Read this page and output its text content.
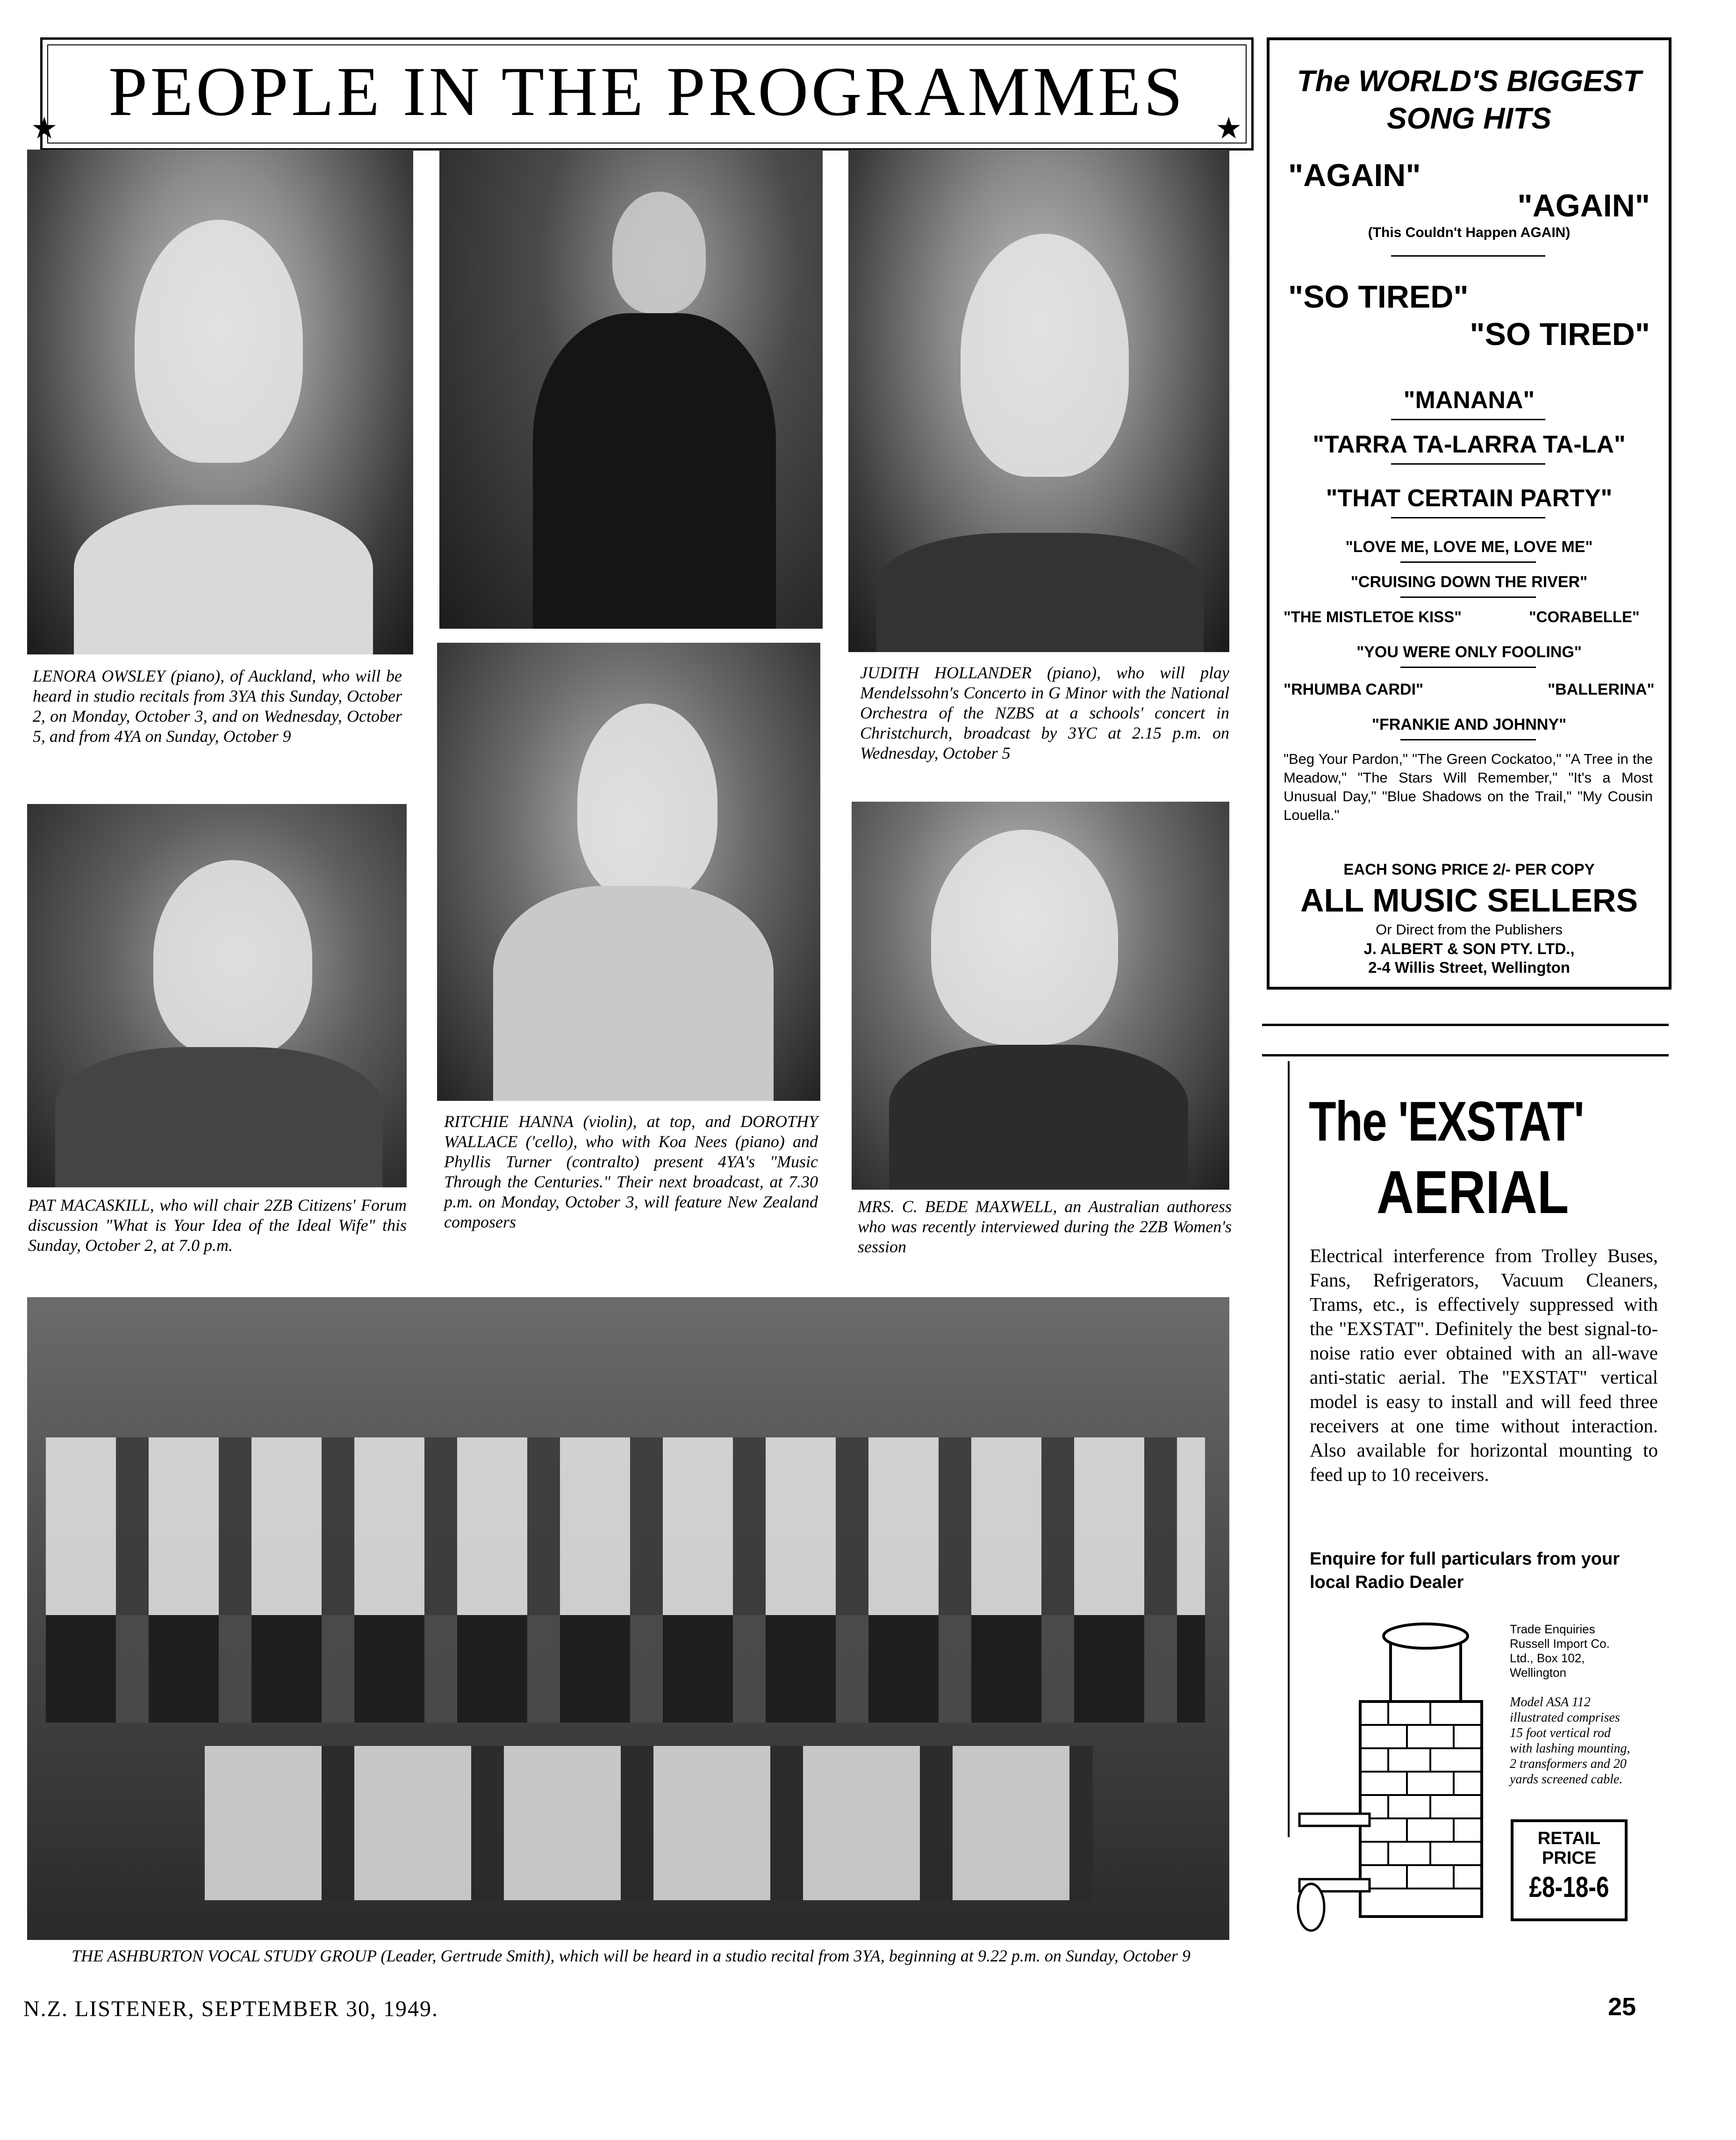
PEOPLE IN THE PROGRAMMES
★	★
LENORA OWSLEY (piano), of Auckland, who will be heard in studio recitals from 3YA this Sunday, October 2, on Monday, October 3, and on Wednesday, October 5, and from 4YA on Sunday, October 9
JUDITH HOLLANDER (piano), who will play Mendelssohn's Concerto in G Minor with the National Orchestra of the NZBS at a schools' concert in Christchurch, broadcast by 3YC at 2.15 p.m. on Wednesday, October 5
PAT MACASKILL, who will chair 2ZB Citizens' Forum discussion "What is Your Idea of the Ideal Wife" this Sunday, October 2, at 7.0 p.m.
RITCHIE HANNA (violin), at top, and DOROTHY WALLACE ('cello), who with Koa Nees (piano) and Phyllis Turner (contralto) present 4YA's "Music Through the Centuries." Their next broadcast, at 7.30 p.m. on Monday, October 3, will feature New Zealand composers
MRS. C. BEDE MAXWELL, an Australian authoress who was recently interviewed during the 2ZB Women's session
THE ASHBURTON VOCAL STUDY GROUP (Leader, Gertrude Smith), which will be heard in a studio recital from 3YA, beginning at 9.22 p.m. on Sunday, October 9
N.Z. LISTENER, SEPTEMBER 30, 1949.	25
The WORLD'S BIGGEST
SONG HITS
"AGAIN"
"AGAIN"
(This Couldn't Happen AGAIN)
"SO TIRED"
"SO TIRED"
"MANANA"
"TARRA TA-LARRA TA-LA"
"THAT CERTAIN PARTY"
"LOVE ME, LOVE ME, LOVE ME"
"CRUISING DOWN THE RIVER"
"THE MISTLETOE KISS"	"CORABELLE"
"YOU WERE ONLY FOOLING"
"RHUMBA CARDI"	"BALLERINA"
"FRANKIE AND JOHNNY"
"Beg Your Pardon," "The Green Cockatoo," "A Tree in the Meadow," "The Stars Will Remember," "It's a Most Unusual Day," "Blue Shadows on the Trail," "My Cousin Louella."
EACH SONG PRICE 2/- PER COPY
ALL MUSIC SELLERS
Or Direct from the Publishers
J. ALBERT & SON PTY. LTD.,
2-4 Willis Street, Wellington
The 'EXSTAT'
AERIAL
Electrical interference from Trolley Buses, Fans, Refrigerators, Vacuum Cleaners, Trams, etc., is effectively suppressed with the "EXSTAT". Definitely the best signal-to-noise ratio ever obtained with an all-wave anti-static aerial. The "EXSTAT" vertical model is easy to install and will feed three receivers at one time without interaction. Also available for horizontal mounting to feed up to 10 receivers.
Enquire for full particulars from your local Radio Dealer
Trade Enquiries Russell Import Co. Ltd., Box 102, Wellington
Model ASA 112 illustrated comprises 15 foot vertical rod with lashing mounting, 2 transformers and 20 yards screened cable.
RETAIL PRICE
£8-18-6
